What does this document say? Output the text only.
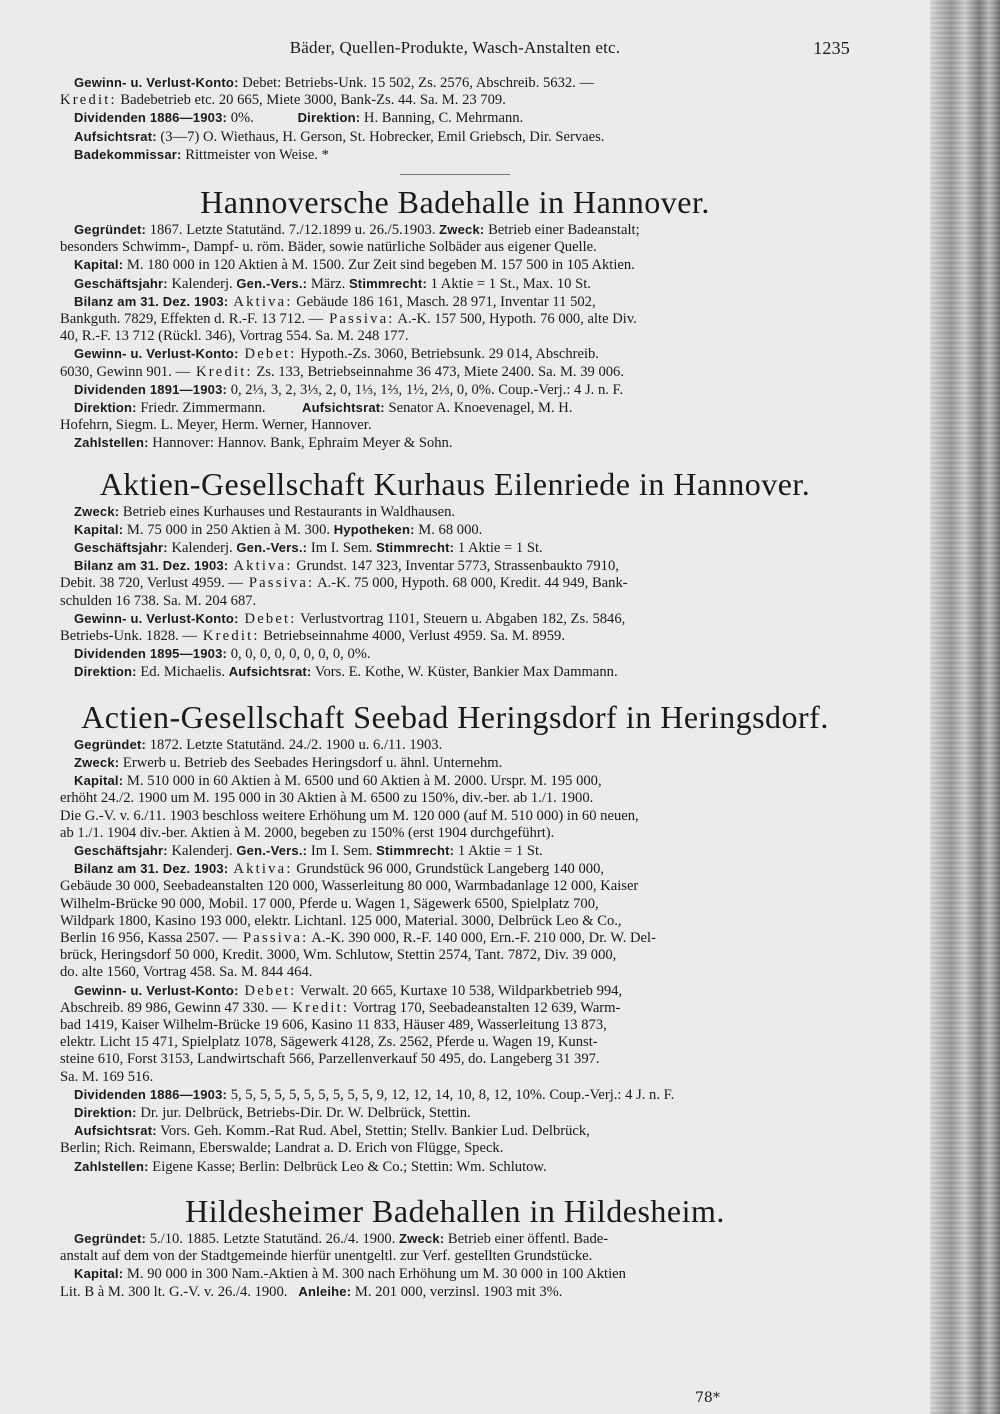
Bäder, Quellen-Produkte, Wasch-Anstalten etc.	1235

Gewinn- u. Verlust-Konto: Debet: Betriebs-Unk. 15 502, Zs. 2576, Abschreib. 5632. —

Kredit: Badebetrieb etc. 20 665, Miete 3000, Bank-Zs. 44. Sa. M. 23 709.

Dividenden 1886—1903: 0%.	Direktion: H. Banning, C. Mehrmann.

Aufsichtsrat: (3—7) O. Wiethaus, H. Gerson, St. Hobrecker, Emil Griebsch, Dir. Servaes.

Badekommissar: Rittmeister von Weise. *

Hannoversche Badehalle in Hannover.

Gegründet: 1867. Letzte Statutänd. 7./12.1899 u. 26./5.1903. Zweck: Betrieb einer Badeanstalt;

besonders Schwimm-, Dampf- u. röm. Bäder, sowie natürliche Solbäder aus eigener Quelle.

Kapital: M. 180 000 in 120 Aktien à M. 1500. Zur Zeit sind begeben M. 157 500 in 105 Aktien.

Geschäftsjahr: Kalenderj. Gen.-Vers.: März. Stimmrecht: 1 Aktie = 1 St., Max. 10 St.

Bilanz am 31. Dez. 1903: Aktiva: Gebäude 186 161, Masch. 28 971, Inventar 11 502,

Bankguth. 7829, Effekten d. R.-F. 13 712. — Passiva: A.-K. 157 500, Hypoth. 76 000, alte Div.

40, R.-F. 13 712 (Rückl. 346), Vortrag 554. Sa. M. 248 177.

Gewinn- u. Verlust-Konto: Debet: Hypoth.-Zs. 3060, Betriebsunk. 29 014, Abschreib.

6030, Gewinn 901. — Kredit: Zs. 133, Betriebseinnahme 36 473, Miete 2400. Sa. M. 39 006.

Dividenden 1891—1903: 0, 2⅓, 3, 2, 3⅓, 2, 0, 1⅓, 1⅔, 1½, 2⅓, 0, 0%. Coup.-Verj.: 4 J. n. F.

Direktion: Friedr. Zimmermann.	Aufsichtsrat: Senator A. Knoevenagel, M. H.

Hofehrn, Siegm. L. Meyer, Herm. Werner, Hannover.

Zahlstellen: Hannover: Hannov. Bank, Ephraim Meyer & Sohn.

Aktien-Gesellschaft Kurhaus Eilenriede in Hannover.

Zweck: Betrieb eines Kurhauses und Restaurants in Waldhausen.

Kapital: M. 75 000 in 250 Aktien à M. 300. Hypotheken: M. 68 000.

Geschäftsjahr: Kalenderj. Gen.-Vers.: Im I. Sem. Stimmrecht: 1 Aktie = 1 St.

Bilanz am 31. Dez. 1903: Aktiva: Grundst. 147 323, Inventar 5773, Strassenbaukto 7910,

Debit. 38 720, Verlust 4959. — Passiva: A.-K. 75 000, Hypoth. 68 000, Kredit. 44 949, Bank-

schulden 16 738. Sa. M. 204 687.

Gewinn- u. Verlust-Konto: Debet: Verlustvortrag 1101, Steuern u. Abgaben 182, Zs. 5846,

Betriebs-Unk. 1828. — Kredit: Betriebseinnahme 4000, Verlust 4959. Sa. M. 8959.

Dividenden 1895—1903: 0, 0, 0, 0, 0, 0, 0, 0, 0%.

Direktion: Ed. Michaelis. Aufsichtsrat: Vors. E. Kothe, W. Küster, Bankier Max Dammann.

Actien-Gesellschaft Seebad Heringsdorf in Heringsdorf.

Gegründet: 1872. Letzte Statutänd. 24./2. 1900 u. 6./11. 1903.

Zweck: Erwerb u. Betrieb des Seebades Heringsdorf u. ähnl. Unternehm.

Kapital: M. 510 000 in 60 Aktien à M. 6500 und 60 Aktien à M. 2000. Urspr. M. 195 000,

erhöht 24./2. 1900 um M. 195 000 in 30 Aktien à M. 6500 zu 150%, div.-ber. ab 1./1. 1900.

Die G.-V. v. 6./11. 1903 beschloss weitere Erhöhung um M. 120 000 (auf M. 510 000) in 60 neuen,

ab 1./1. 1904 div.-ber. Aktien à M. 2000, begeben zu 150% (erst 1904 durchgeführt).

Geschäftsjahr: Kalenderj. Gen.-Vers.: Im I. Sem. Stimmrecht: 1 Aktie = 1 St.

Bilanz am 31. Dez. 1903: Aktiva: Grundstück 96 000, Grundstück Langeberg 140 000,

Gebäude 30 000, Seebadeanstalten 120 000, Wasserleitung 80 000, Warmbadanlage 12 000, Kaiser

Wilhelm-Brücke 90 000, Mobil. 17 000, Pferde u. Wagen 1, Sägewerk 6500, Spielplatz 700,

Wildpark 1800, Kasino 193 000, elektr. Lichtanl. 125 000, Material. 3000, Delbrück Leo & Co.,

Berlin 16 956, Kassa 2507. — Passiva: A.-K. 390 000, R.-F. 140 000, Ern.-F. 210 000, Dr. W. Del-

brück, Heringsdorf 50 000, Kredit. 3000, Wm. Schlutow, Stettin 2574, Tant. 7872, Div. 39 000,

do. alte 1560, Vortrag 458. Sa. M. 844 464.

Gewinn- u. Verlust-Konto: Debet: Verwalt. 20 665, Kurtaxe 10 538, Wildparkbetrieb 994,

Abschreib. 89 986, Gewinn 47 330. — Kredit: Vortrag 170, Seebadeanstalten 12 639, Warm-

bad 1419, Kaiser Wilhelm-Brücke 19 606, Kasino 11 833, Häuser 489, Wasserleitung 13 873,

elektr. Licht 15 471, Spielplatz 1078, Sägewerk 4128, Zs. 2562, Pferde u. Wagen 19, Kunst-

steine 610, Forst 3153, Landwirtschaft 566, Parzellenverkauf 50 495, do. Langeberg 31 397.

Sa. M. 169 516.

Dividenden 1886—1903: 5, 5, 5, 5, 5, 5, 5, 5, 5, 5, 9, 12, 12, 14, 10, 8, 12, 10%. Coup.-Verj.: 4 J. n. F.

Direktion: Dr. jur. Delbrück, Betriebs-Dir. Dr. W. Delbrück, Stettin.

Aufsichtsrat: Vors. Geh. Komm.-Rat Rud. Abel, Stettin; Stellv. Bankier Lud. Delbrück,

Berlin; Rich. Reimann, Eberswalde; Landrat a. D. Erich von Flügge, Speck.

Zahlstellen: Eigene Kasse; Berlin: Delbrück Leo & Co.; Stettin: Wm. Schlutow.

Hildesheimer Badehallen in Hildesheim.

Gegründet: 5./10. 1885. Letzte Statutänd. 26./4. 1900. Zweck: Betrieb einer öffentl. Bade-

anstalt auf dem von der Stadtgemeinde hierfür unentgeltl. zur Verf. gestellten Grundstücke.

Kapital: M. 90 000 in 300 Nam.-Aktien à M. 300 nach Erhöhung um M. 30 000 in 100 Aktien

Lit. B à M. 300 lt. G.-V. v. 26./4. 1900. Anleihe: M. 201 000, verzinsl. 1903 mit 3%.

78*
